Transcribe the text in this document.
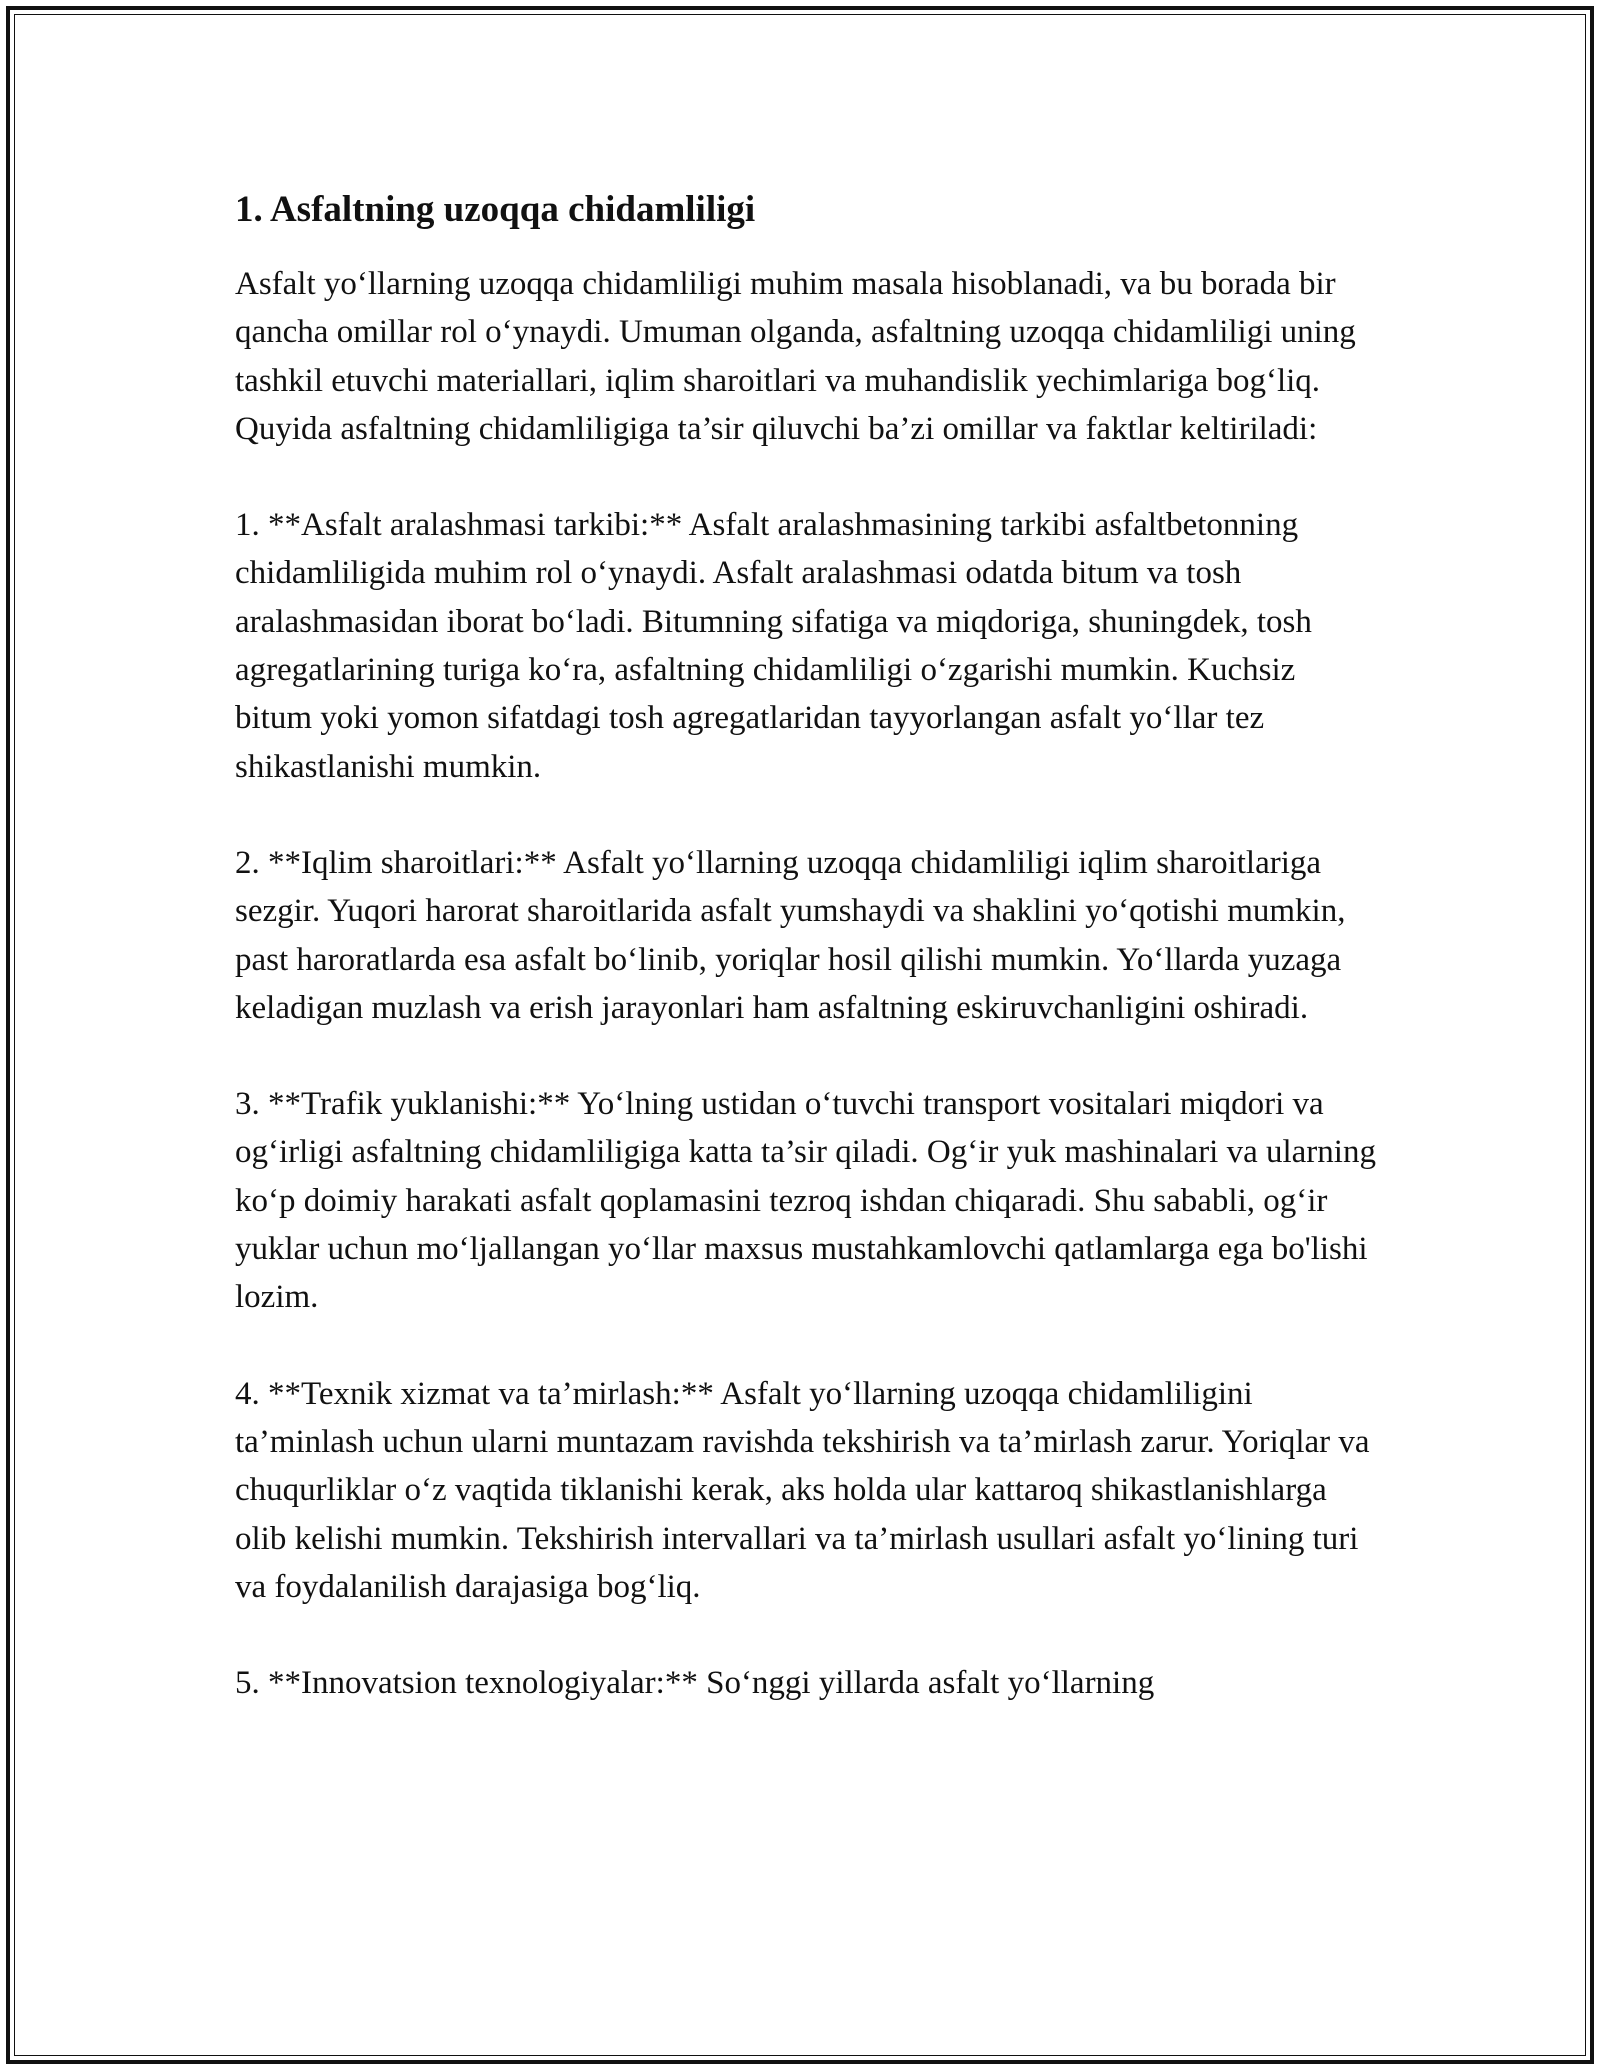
1. Asfaltning uzoqqa chidamliligi

Asfalt yo‘llarning uzoqqa chidamliligi muhim masala hisoblanadi, va bu borada bir qancha omillar rol o‘ynaydi. Umuman olganda, asfaltning uzoqqa chidamliligi uning tashkil etuvchi materiallari, iqlim sharoitlari va muhandislik yechimlariga bog‘liq. Quyida asfaltning chidamliligiga ta’sir qiluvchi ba’zi omillar va faktlar keltiriladi:

1. **Asfalt aralashmasi tarkibi:** Asfalt aralashmasining tarkibi asfaltbetonning chidamliligida muhim rol o‘ynaydi. Asfalt aralashmasi odatda bitum va tosh aralashmasidan iborat bo‘ladi. Bitumning sifatiga va miqdoriga, shuningdek, tosh agregatlarining turiga ko‘ra, asfaltning chidamliligi o‘zgarishi mumkin. Kuchsiz bitum yoki yomon sifatdagi tosh agregatlaridan tayyorlangan asfalt yo‘llar tez shikastlanishi mumkin.

2. **Iqlim sharoitlari:** Asfalt yo‘llarning uzoqqa chidamliligi iqlim sharoitlariga sezgir. Yuqori harorat sharoitlarida asfalt yumshaydi va shaklini yo‘qotishi mumkin, past haroratlarda esa asfalt bo‘linib, yoriqlar hosil qilishi mumkin. Yo‘llarda yuzaga keladigan muzlash va erish jarayonlari ham asfaltning eskiruvchanligini oshiradi.

3. **Trafik yuklanishi:** Yo‘lning ustidan o‘tuvchi transport vositalari miqdori va og‘irligi asfaltning chidamliligiga katta ta’sir qiladi. Og‘ir yuk mashinalari va ularning ko‘p doimiy harakati asfalt qoplamasini tezroq ishdan chiqaradi. Shu sababli, og‘ir yuklar uchun mo‘ljallangan yo‘llar maxsus mustahkamlovchi qatlamlarga ega bo'lishi lozim.

4. **Texnik xizmat va ta’mirlash:** Asfalt yo‘llarning uzoqqa chidamliligini ta’minlash uchun ularni muntazam ravishda tekshirish va ta’mirlash zarur. Yoriqlar va chuqurliklar o‘z vaqtida tiklanishi kerak, aks holda ular kattaroq shikastlanishlarga olib kelishi mumkin. Tekshirish intervallari va ta’mirlash usullari asfalt yo‘lining turi va foydalanilish darajasiga bog‘liq.

5. **Innovatsion texnologiyalar:** So‘nggi yillarda asfalt yo‘llarning
